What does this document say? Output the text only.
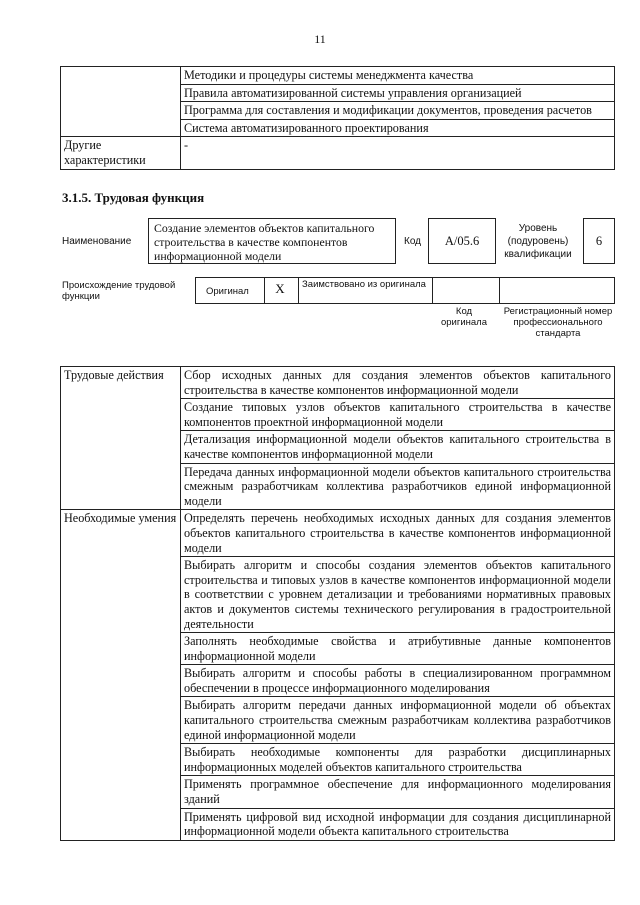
11
	Методики и процедуры системы менеджмента качества
	Правила автоматизированной системы управления организацией
	Программа для составления и модификации документов, проведения расчетов
	Система автоматизированного проектирования
Другие характеристики	-
3.1.5. Трудовая функция
Наименование
Создание элементов объектов капитального строительства в качестве компонентов информационной модели
Код	A/05.6
Уровень (подуровень) квалификации
6
Происхождение трудовой функции	Оригинал	X	Заимствовано из оригинала
Код оригинала
Регистрационный номер профессионального стандарта
Трудовые действия	Сбор исходных данных для создания элементов объектов капитального строительства в качестве компонентов информационной модели
	Создание типовых узлов объектов капитального строительства в качестве компонентов проектной информационной модели
	Детализация информационной модели объектов капитального строительства в качестве компонентов информационной модели
	Передача данных информационной модели объектов капитального строительства смежным разработчикам коллектива разработчиков единой информационной модели
Необходимые умения	Определять перечень необходимых исходных данных для создания элементов объектов капитального строительства в качестве компонентов информационной модели
	Выбирать алгоритм и способы создания элементов объектов капитального строительства и типовых узлов в качестве компонентов информационной модели в соответствии с уровнем детализации и требованиями нормативных правовых актов и документов системы технического регулирования в градостроительной деятельности
	Заполнять необходимые свойства и атрибутивные данные компонентов информационной модели
	Выбирать алгоритм и способы работы в специализированном программном обеспечении в процессе информационного моделирования
	Выбирать алгоритм передачи данных информационной модели об объектах капитального строительства смежным разработчикам коллектива разработчиков единой информационной модели
	Выбирать необходимые компоненты для разработки дисциплинарных информационных моделей объектов капитального строительства
	Применять программное обеспечение для информационного моделирования зданий
	Применять цифровой вид исходной информации для создания дисциплинарной информационной модели объекта капитального строительства
